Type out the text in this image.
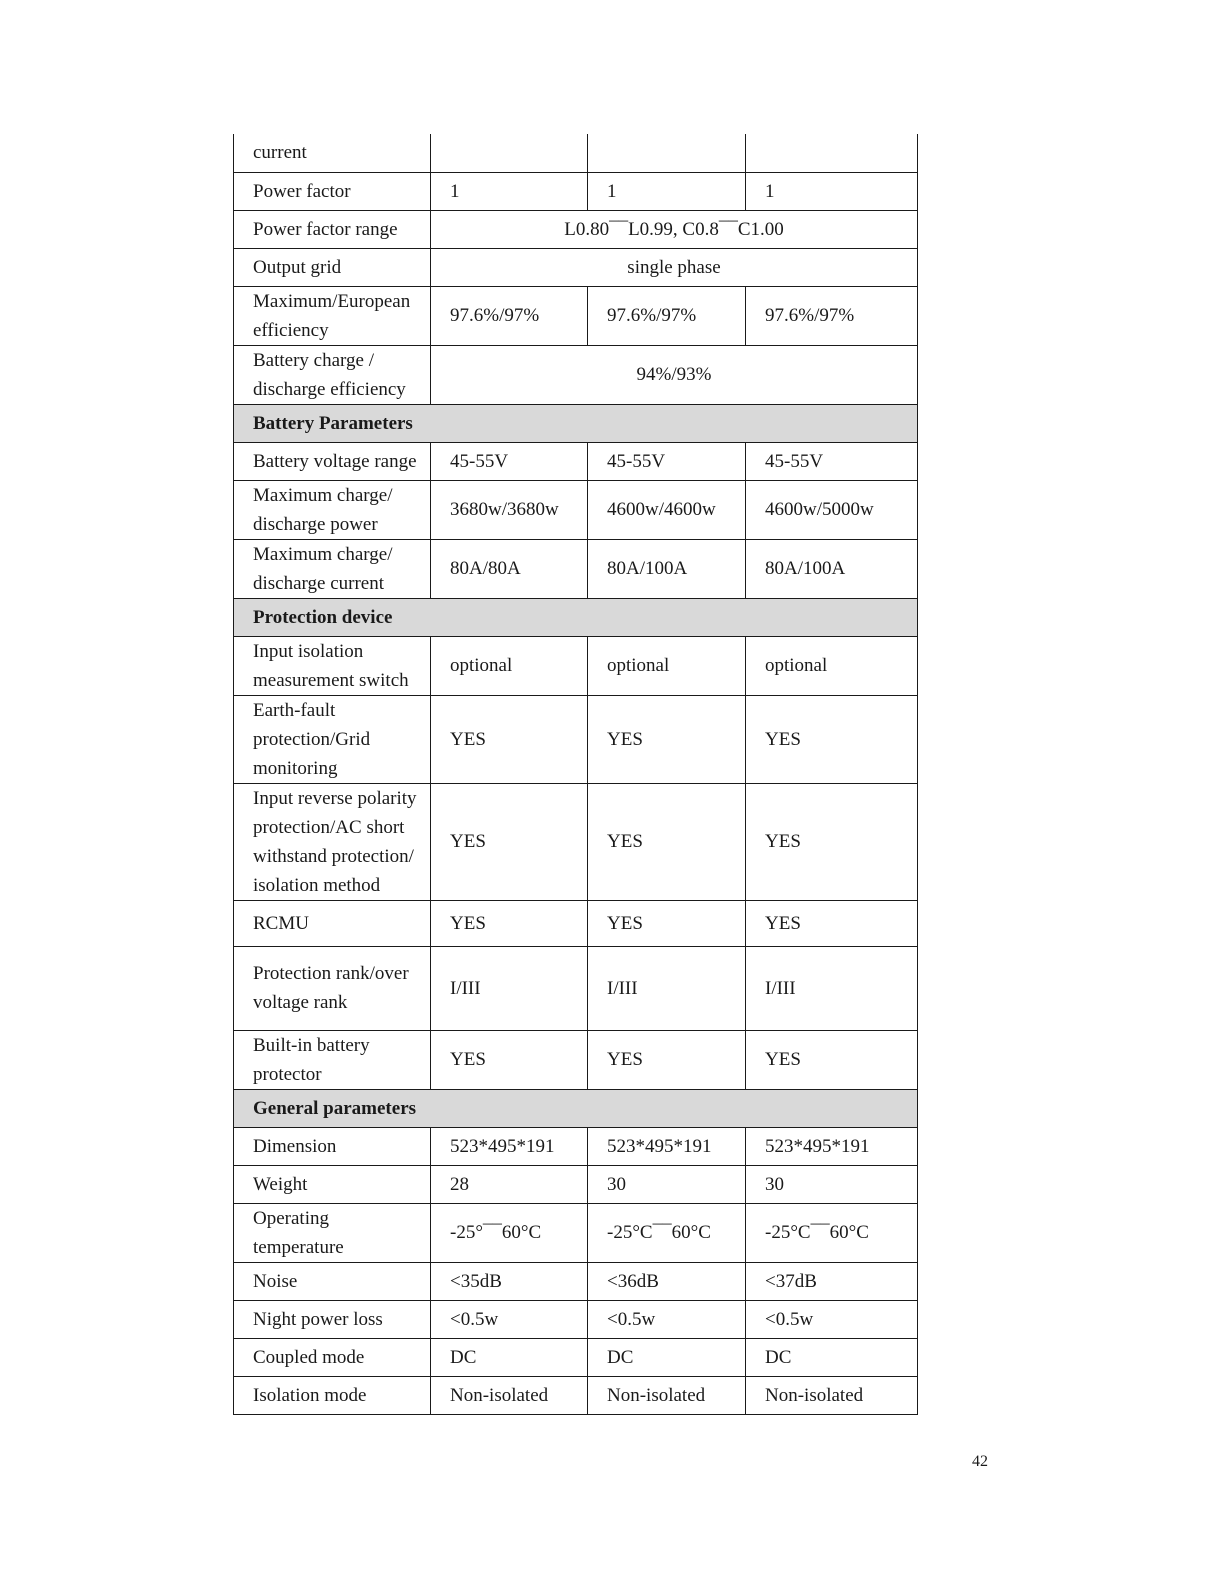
current			
Power factor	1	1	1
Power factor range	L0.80¯¯L0.99, C0.8¯¯C1.00		
Output grid	single phase		
Maximum/European efficiency	97.6%/97%	97.6%/97%	97.6%/97%
Battery charge / discharge efficiency	94%/93%		
Battery Parameters			
Battery voltage range	45-55V	45-55V	45-55V
Maximum charge/ discharge power	3680w/3680w	4600w/4600w	4600w/5000w
Maximum charge/ discharge current	80A/80A	80A/100A	80A/100A
Protection device			
Input isolation measurement switch	optional	optional	optional
Earth-fault protection/Grid monitoring	YES	YES	YES
Input reverse polarity protection/AC short withstand protection/ isolation method	YES	YES	YES
RCMU	YES	YES	YES
Protection rank/over voltage rank	I/III	I/III	I/III
Built-in battery protector	YES	YES	YES
General parameters			
Dimension	523*495*191	523*495*191	523*495*191
Weight	28	30	30
Operating temperature	-25°¯¯60°C	-25°C¯¯60°C	-25°C¯¯60°C
Noise	<35dB	<36dB	<37dB
Night power loss	<0.5w	<0.5w	<0.5w
Coupled mode	DC	DC	DC
Isolation mode	Non-isolated	Non-isolated	Non-isolated
42
